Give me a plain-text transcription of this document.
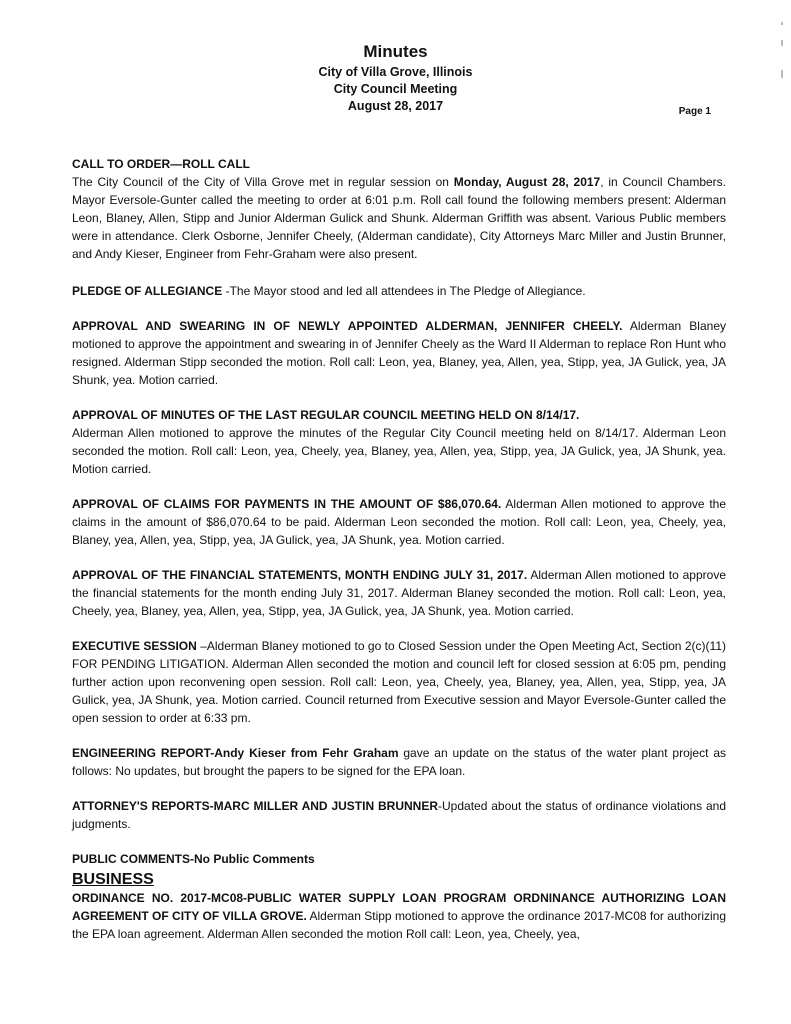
Minutes

City of Villa Grove, Illinois

City Council Meeting

August 28, 2017	Page 1
CALL TO ORDER—ROLL CALL
The City Council of the City of Villa Grove met in regular session on Monday, August 28, 2017, in Council Chambers. Mayor Eversole-Gunter called the meeting to order at 6:01 p.m. Roll call found the following members present: Alderman Leon, Blaney, Allen, Stipp and Junior Alderman Gulick and Shunk. Alderman Griffith was absent. Various Public members were in attendance. Clerk Osborne, Jennifer Cheely, (Alderman candidate), City Attorneys Marc Miller and Justin Brunner, and Andy Kieser, Engineer from Fehr-Graham were also present.

PLEDGE OF ALLEGIANCE -The Mayor stood and led all attendees in The Pledge of Allegiance.

APPROVAL AND SWEARING IN OF NEWLY APPOINTED ALDERMAN, JENNIFER CHEELY. Alderman Blaney motioned to approve the appointment and swearing in of Jennifer Cheely as the Ward II Alderman to replace Ron Hunt who resigned. Alderman Stipp seconded the motion. Roll call: Leon, yea, Blaney, yea, Allen, yea, Stipp, yea, JA Gulick, yea, JA Shunk, yea. Motion carried.

APPROVAL OF MINUTES OF THE LAST REGULAR COUNCIL MEETING HELD ON 8/14/17.
Alderman Allen motioned to approve the minutes of the Regular City Council meeting held on 8/14/17. Alderman Leon seconded the motion. Roll call: Leon, yea, Cheely, yea, Blaney, yea, Allen, yea, Stipp, yea, JA Gulick, yea, JA Shunk, yea. Motion carried.

APPROVAL OF CLAIMS FOR PAYMENTS IN THE AMOUNT OF $86,070.64. Alderman Allen motioned to approve the claims in the amount of $86,070.64 to be paid. Alderman Leon seconded the motion. Roll call: Leon, yea, Cheely, yea, Blaney, yea, Allen, yea, Stipp, yea, JA Gulick, yea, JA Shunk, yea. Motion carried.

APPROVAL OF THE FINANCIAL STATEMENTS, MONTH ENDING JULY 31, 2017. Alderman Allen motioned to approve the financial statements for the month ending July 31, 2017. Alderman Blaney seconded the motion. Roll call: Leon, yea, Cheely, yea, Blaney, yea, Allen, yea, Stipp, yea, JA Gulick, yea, JA Shunk, yea. Motion carried.

EXECUTIVE SESSION –Alderman Blaney motioned to go to Closed Session under the Open Meeting Act, Section 2(c)(11) FOR PENDING LITIGATION. Alderman Allen seconded the motion and council left for closed session at 6:05 pm, pending further action upon reconvening open session. Roll call: Leon, yea, Cheely, yea, Blaney, yea, Allen, yea, Stipp, yea, JA Gulick, yea, JA Shunk, yea. Motion carried. Council returned from Executive session and Mayor Eversole-Gunter called the open session to order at 6:33 pm.

ENGINEERING REPORT-Andy Kieser from Fehr Graham gave an update on the status of the water plant project as follows: No updates, but brought the papers to be signed for the EPA loan.

ATTORNEY'S REPORTS-MARC MILLER AND JUSTIN BRUNNER-Updated about the status of ordinance violations and judgments.

PUBLIC COMMENTS-No Public Comments

BUSINESS

ORDINANCE NO. 2017-MC08-PUBLIC WATER SUPPLY LOAN PROGRAM ORDNINANCE AUTHORIZING LOAN AGREEMENT OF CITY OF VILLA GROVE. Alderman Stipp motioned to approve the ordinance 2017-MC08 for authorizing the EPA loan agreement. Alderman Allen seconded the motion Roll call: Leon, yea, Cheely, yea,
